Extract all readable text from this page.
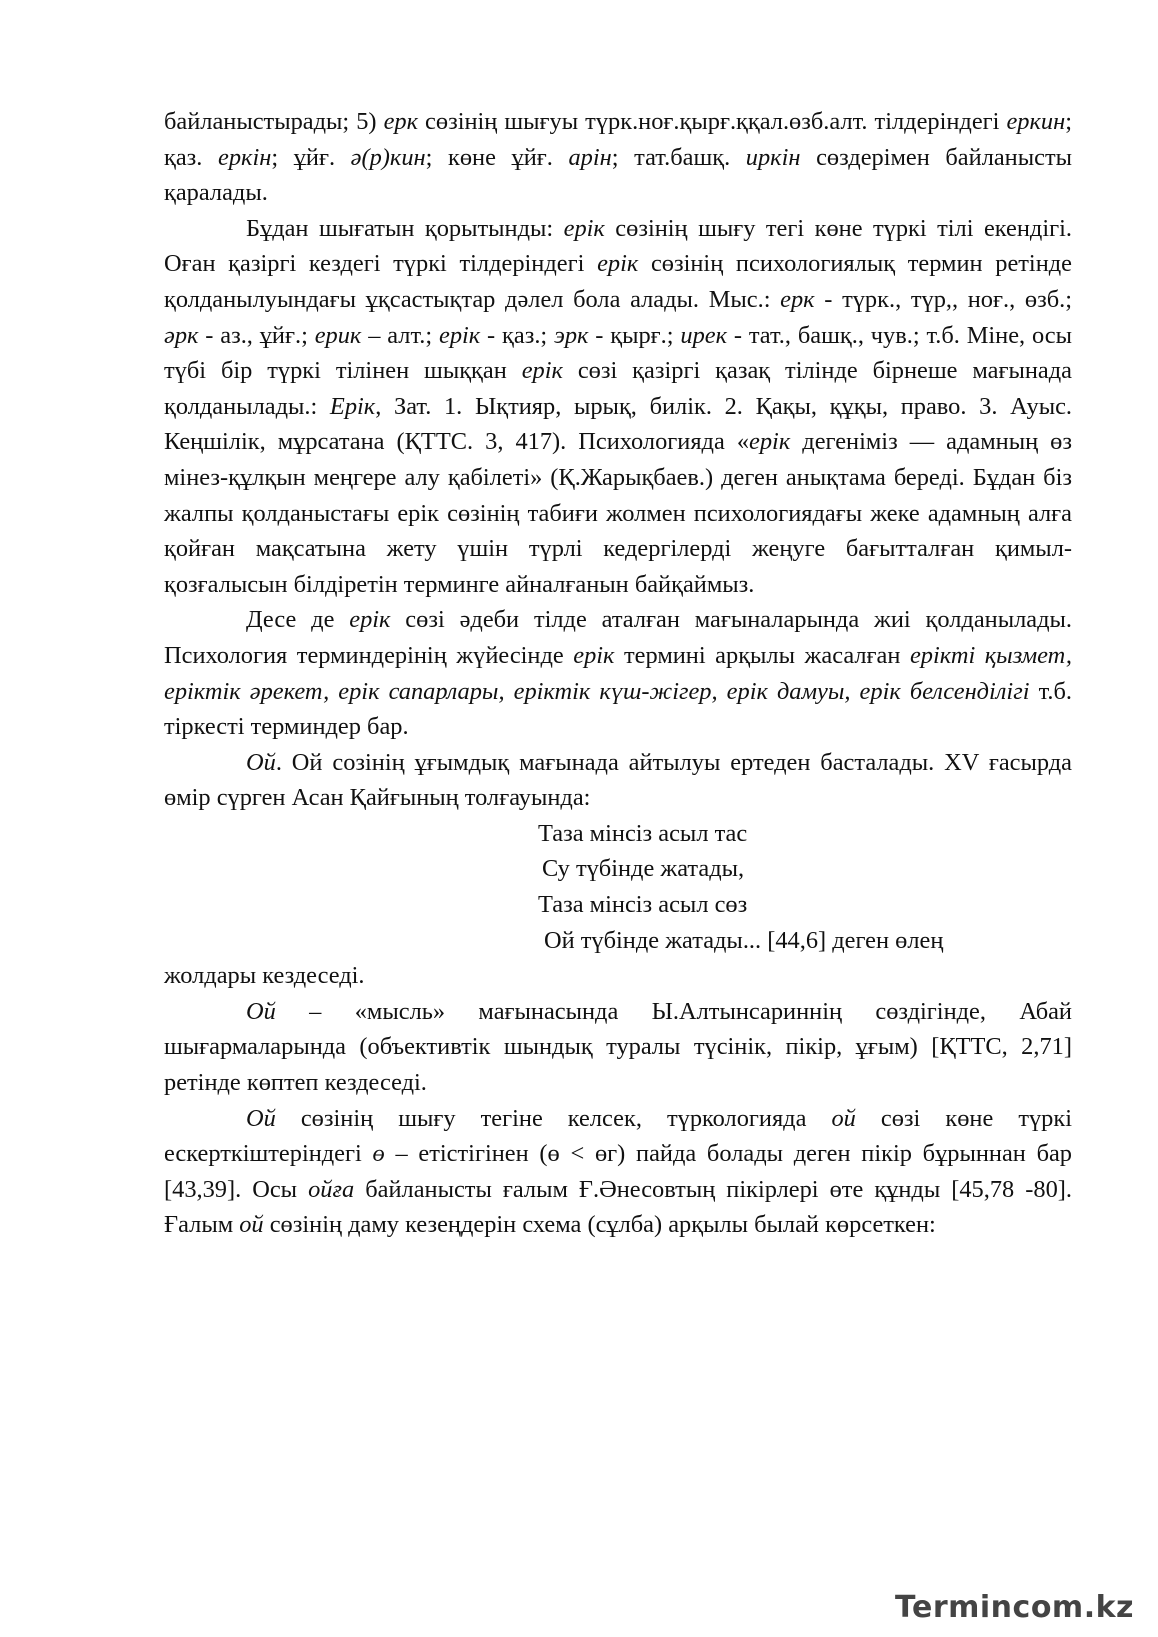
байланыстырады; 5) ерк сөзінің шығуы түрк.ноғ.қырғ.ққал.өзб.алт. тілдеріндегі еркин; қаз. еркін; ұйғ. ә(р)кин; көне ұйғ. арін; тат.башқ. иркін сөздерімен байланысты қаралады.

Бұдан шығатын қорытынды: ерік сөзінің шығу тегі көне түркі тілі екендігі. Оған қазіргі кездегі түркі тілдеріндегі ерік сөзінің психологиялық термин ретінде қолданылуындағы ұқсастықтар дәлел бола алады. Мыс.: ерк - түрк., түр,, ноғ., өзб.; әрк - аз., ұйғ.; ерик – алт.; ерік - қаз.; эрк - қырғ.; ирек - тат., башқ., чув.; т.б. Міне, осы түбі бір түркі тілінен шыққан ерік сөзі қазіргі қазақ тілінде бірнеше мағынада қолданылады.: Ерік, Зат. 1. Ықтияр, ырық, билік. 2. Қақы, құқы, право. 3. Ауыс. Кеңшілік, мұрсатана (ҚТТС. 3, 417). Психологияда «ерік дегеніміз — адамның өз мінез-құлқын меңгере алу қабілеті» (Қ.Жарықбаев.) деген анықтама береді. Бұдан біз жалпы қолданыстағы ерік сөзінің табиғи жолмен психологиядағы жеке адамның алға қойған мақсатына жету үшін түрлі кедергілерді жеңуге бағытталған қимыл-қозғалысын білдіретін терминге айналғанын байқаймыз.

Десе де ерік сөзі әдеби тілде аталған мағыналарында жиі қолданылады. Психология терминдерінің жүйесінде ерік термині арқылы жасалған ерікті қызмет, еріктік әрекет, ерік сапарлары, еріктік күш-жігер, ерік дамуы, ерік белсенділігі т.б. тіркесті терминдер бар.

Ой. Ой созінің ұғымдық мағынада айтылуы ертеден басталады. XV ғасырда өмір сүрген Асан Қайғының толғауында:

Таза мінсіз асыл тас
Су түбінде жатады,
Таза мінсіз асыл сөз
Ой түбінде жатады... [44,6] деген өлең

жолдары кездеседі.

Ой – «мысль» мағынасында Ы.Алтынсариннің сөздігінде, Абай шығармаларында (объективтік шындық туралы түсінік, пікір, ұғым) [ҚТТС, 2,71] ретінде көптеп кездеседі.

Ой сөзінің шығу тегіне келсек, түркологияда ой сөзі көне түркі ескерткіштеріндегі ө – етістігінен (ө < өг) пайда болады деген пікір бұрыннан бар [43,39]. Осы ойға байланысты ғалым Ғ.Әнесовтың пікірлері өте құнды [45,78 -80]. Ғалым ой сөзінің даму кезеңдерін схема (сұлба) арқылы былай көрсеткен:

Termincom.kz
